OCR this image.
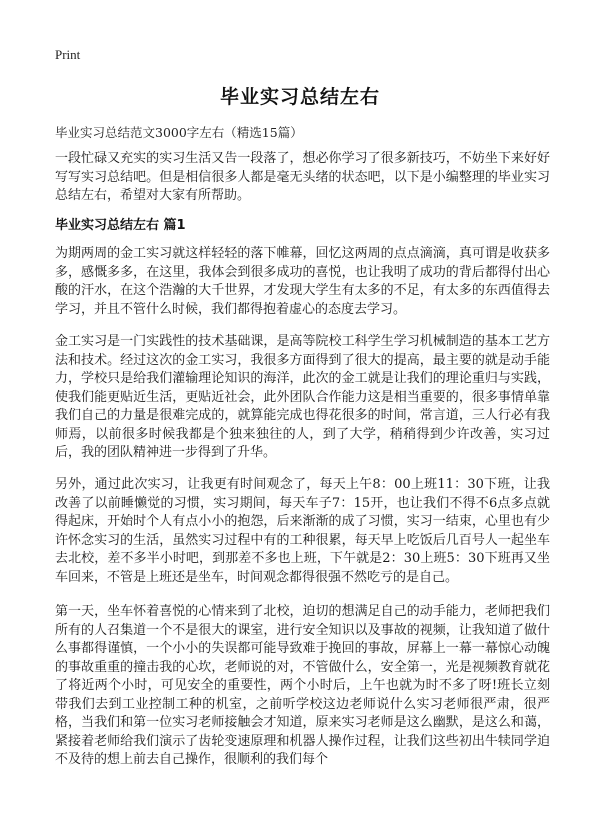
Print
毕业实习总结左右
毕业实习总结范文3000字左右（精选15篇）

一段忙碌又充实的实习生活又告一段落了，想必你学习了很多新技巧，不妨坐下来好好写写实习总结吧。但是相信很多人都是毫无头绪的状态吧，以下是小编整理的毕业实习总结左右，希望对大家有所帮助。

毕业实习总结左右 篇1

为期两周的金工实习就这样轻轻的落下帷幕，回忆这两周的点点滴滴，真可谓是收获多多，感慨多多，在这里，我体会到很多成功的喜悦，也让我明了成功的背后都得付出心酸的汗水，在这个浩瀚的大千世界，才发现大学生有太多的不足，有太多的东西值得去学习，并且不管什么时候，我们都得抱着虚心的态度去学习。

金工实习是一门实践性的技术基础课，是高等院校工科学生学习机械制造的基本工艺方法和技术。经过这次的金工实习，我很多方面得到了很大的提高，最主要的就是动手能力，学校只是给我们灌输理论知识的海洋，此次的金工就是让我们的理论重归与实践，使我们能更贴近生活，更贴近社会，此外团队合作能力这是相当重要的，很多事情单靠我们自己的力量是很难完成的，就算能完成也得花很多的时间，常言道，三人行必有我师焉，以前很多时候我都是个独来独往的人，到了大学，稍稍得到少许改善，实习过后，我的团队精神进一步得到了升华。

另外，通过此次实习，让我更有时间观念了，每天上午8：00上班11：30下班，让我改善了以前睡懒觉的习惯，实习期间，每天车子7：15开，也让我们不得不6点多点就得起床，开始时个人有点小小的抱怨，后来渐渐的成了习惯，实习一结束，心里也有少许怀念实习的生活，虽然实习过程中有的工种很累，每天早上吃饭后几百号人一起坐车去北校，差不多半小时吧，到那差不多也上班，下午就是2：30上班5：30下班再又坐车回来，不管是上班还是坐车，时间观念都得很强不然吃亏的是自己。

第一天，坐车怀着喜悦的心情来到了北校，迫切的想满足自己的动手能力，老师把我们所有的人召集道一个不是很大的课室，进行安全知识以及事故的视频，让我知道了做什么事都得谨慎，一个小小的失误都可能导致难于挽回的事故，屏幕上一幕一幕惊心动魄的事故重重的撞击我的心坎，老师说的对，不管做什么，安全第一，光是视频教育就花了将近两个小时，可见安全的重要性，两个小时后，上午也就为时不多了呀!班长立刻带我们去到工业控制工种的机室，之前听学校这边老师说什么实习老师很严肃，很严格，当我们和第一位实习老师接触会才知道，原来实习老师是这么幽默，是这么和蔼，紧接着老师给我们演示了齿轮变速原理和机器人操作过程，让我们这些初出牛犊同学迫不及待的想上前去自己操作，很顺利的我们每个
